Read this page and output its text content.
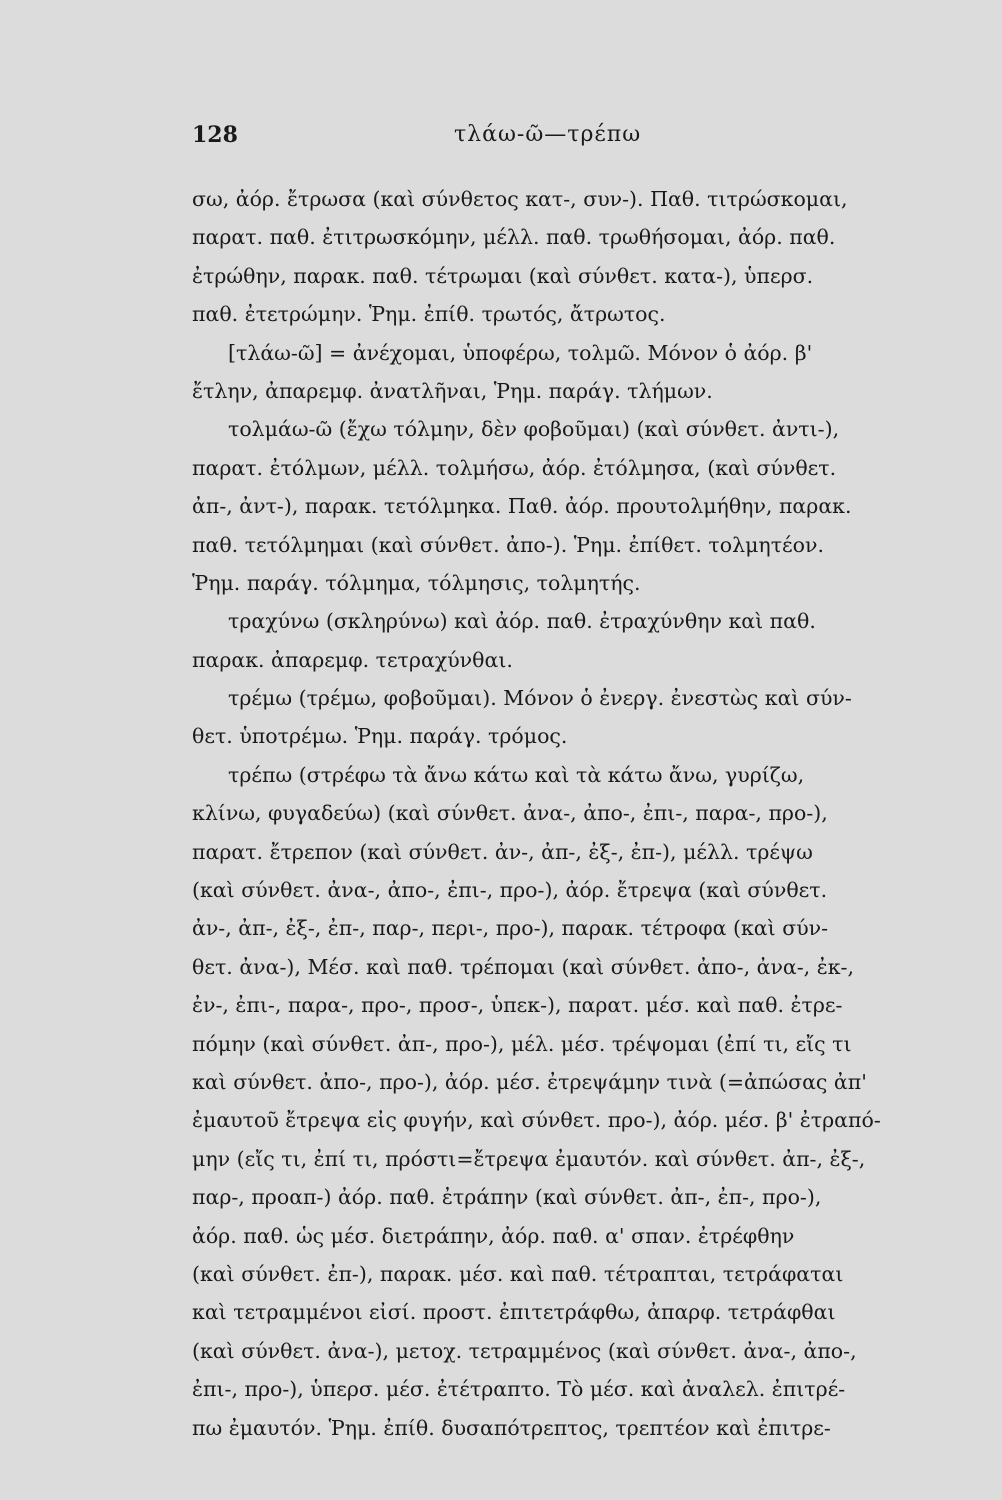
128	τλάω-ῶ—τρέπω
σω, ἀόρ. ἔτρωσα (καὶ σύνθετος κατ-, συν-). Παθ. τιτρώσκομαι,
παρατ. παθ. ἐτιτρωσκόμην, μέλλ. παθ. τρωθήσομαι, ἀόρ. παθ.
ἐτρώθην, παρακ. παθ. τέτρωμαι (καὶ σύνθετ. κατα-), ὑπερσ.
παθ. ἐτετρώμην. Ῥημ. ἐπίθ. τρωτός, ἄτρωτος.
[τλάω-ῶ] = ἀνέχομαι, ὑποφέρω, τολμῶ. Μόνον ὁ ἀόρ. β'
ἔτλην, ἀπαρεμφ. ἀνατλῆναι, Ῥημ. παράγ. τλήμων.
τολμάω-ῶ (ἔχω τόλμην, δὲν φοβοῦμαι) (καὶ σύνθετ. ἀντι-),
παρατ. ἐτόλμων, μέλλ. τολμήσω, ἀόρ. ἐτόλμησα, (καὶ σύνθετ.
ἀπ-, ἀντ-), παρακ. τετόλμηκα. Παθ. ἀόρ. προυτολμήθην, παρακ.
παθ. τετόλμημαι (καὶ σύνθετ. ἀπο-). Ῥημ. ἐπίθετ. τολμητέον.
Ῥημ. παράγ. τόλμημα, τόλμησις, τολμητής.
τραχύνω (σκληρύνω) καὶ ἀόρ. παθ. ἐτραχύνθην καὶ παθ.
παρακ. ἀπαρεμφ. τετραχύνθαι.
τρέμω (τρέμω, φοβοῦμαι). Μόνον ὁ ἐνεργ. ἐνεστὼς καὶ σύν-
θετ. ὑποτρέμω. Ῥημ. παράγ. τρόμος.
τρέπω (στρέφω τὰ ἄνω κάτω καὶ τὰ κάτω ἄνω, γυρίζω,
κλίνω, φυγαδεύω) (καὶ σύνθετ. ἀνα-, ἀπο-, ἐπι-, παρα-, προ-),
παρατ. ἔτρεπον (καὶ σύνθετ. ἀν-, ἀπ-, ἐξ-, ἐπ-), μέλλ. τρέψω
(καὶ σύνθετ. ἀνα-, ἀπο-, ἐπι-, προ-), ἀόρ. ἔτρεψα (καὶ σύνθετ.
ἀν-, ἀπ-, ἐξ-, ἐπ-, παρ-, περι-, προ-), παρακ. τέτροφα (καὶ σύν-
θετ. ἀνα-), Μέσ. καὶ παθ. τρέπομαι (καὶ σύνθετ. ἀπο-, ἀνα-, ἐκ-,
ἐν-, ἐπι-, παρα-, προ-, προσ-, ὑπεκ-), παρατ. μέσ. καὶ παθ. ἐτρε-
πόμην (καὶ σύνθετ. ἀπ-, προ-), μέλ. μέσ. τρέψομαι (ἐπί τι, εἴς τι
καὶ σύνθετ. ἀπο-, προ-), ἀόρ. μέσ. ἐτρεψάμην τινὰ (=ἀπώσας ἀπ'
ἐμαυτοῦ ἔτρεψα εἰς φυγήν, καὶ σύνθετ. προ-), ἀόρ. μέσ. β' ἐτραπό-
μην (εἴς τι, ἐπί τι, πρόστι=ἔτρεψα ἐμαυτόν. καὶ σύνθετ. ἀπ-, ἐξ-,
παρ-, προαπ-) ἀόρ. παθ. ἐτράπην (καὶ σύνθετ. ἀπ-, ἐπ-, προ-),
ἀόρ. παθ. ὡς μέσ. διετράπην, ἀόρ. παθ. α' σπαν. ἐτρέφθην
(καὶ σύνθετ. ἐπ-), παρακ. μέσ. καὶ παθ. τέτραπται, τετράφαται
καὶ τετραμμένοι εἰσί. προστ. ἐπιτετράφθω, ἀπαρφ. τετράφθαι
(καὶ σύνθετ. ἀνα-), μετοχ. τετραμμένος (καὶ σύνθετ. ἀνα-, ἀπο-,
ἐπι-, προ-), ὑπερσ. μέσ. ἐτέτραπτο. Τὸ μέσ. καὶ ἀναλελ. ἐπιτρέ-
πω ἐμαυτόν. Ῥημ. ἐπίθ. δυσαπότρεπτος, τρεπτέον καὶ ἐπιτρε-
